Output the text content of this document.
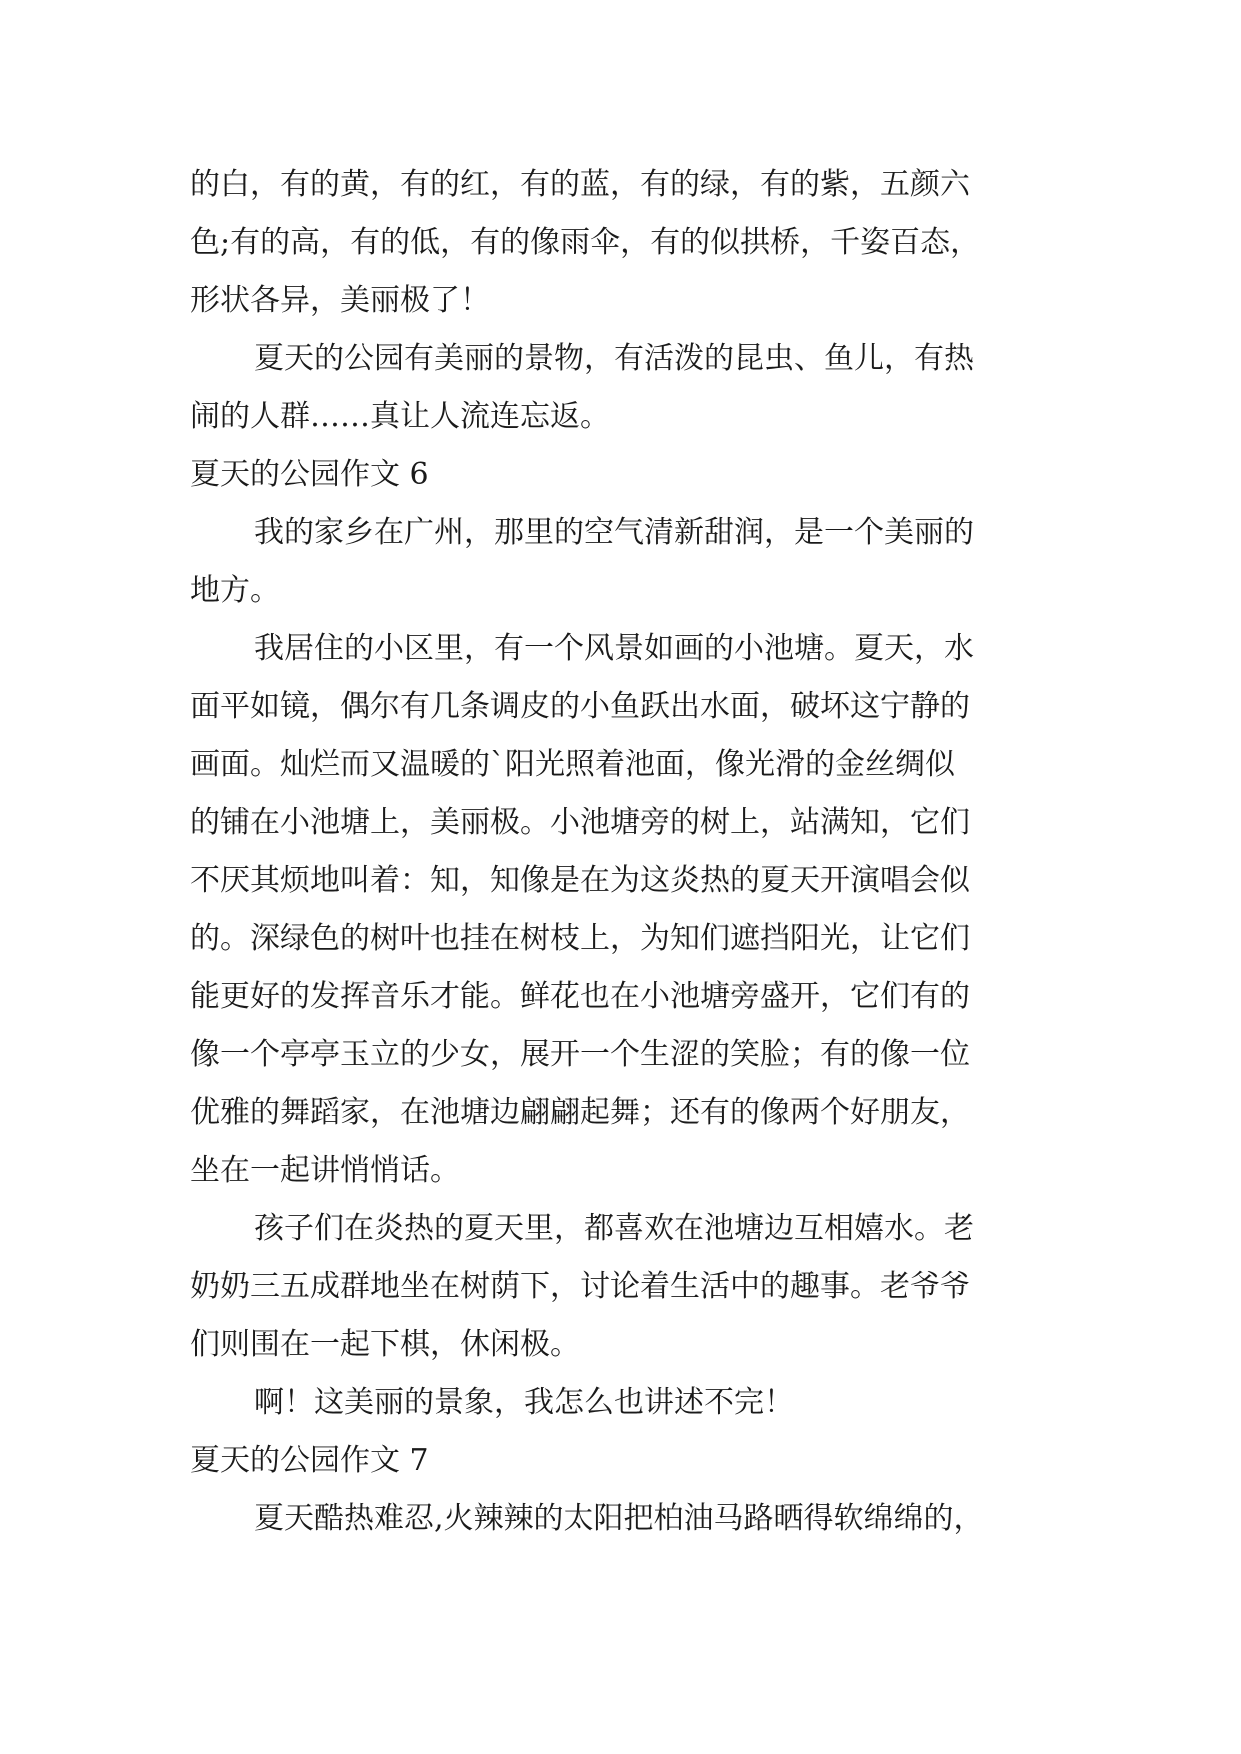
的白，有的黄，有的红，有的蓝，有的绿，有的紫，五颜六
色;有的高，有的低，有的像雨伞，有的似拱桥，千姿百态，
形状各异，美丽极了！
夏天的公园有美丽的景物，有活泼的昆虫、鱼儿，有热
闹的人群……真让人流连忘返。
夏天的公园作文 6
我的家乡在广州，那里的空气清新甜润，是一个美丽的
地方。
我居住的小区里，有一个风景如画的小池塘。夏天，水
面平如镜，偶尔有几条调皮的小鱼跃出水面，破坏这宁静的
画面。灿烂而又温暖的`阳光照着池面，像光滑的金丝绸似
的铺在小池塘上，美丽极。小池塘旁的树上，站满知，它们
不厌其烦地叫着：知，知像是在为这炎热的夏天开演唱会似
的。深绿色的树叶也挂在树枝上，为知们遮挡阳光，让它们
能更好的发挥音乐才能。鲜花也在小池塘旁盛开，它们有的
像一个亭亭玉立的少女，展开一个生涩的笑脸；有的像一位
优雅的舞蹈家，在池塘边翩翩起舞；还有的像两个好朋友，
坐在一起讲悄悄话。
孩子们在炎热的夏天里，都喜欢在池塘边互相嬉水。老
奶奶三五成群地坐在树荫下，讨论着生活中的趣事。老爷爷
们则围在一起下棋，休闲极。
啊！这美丽的景象，我怎么也讲述不完！
夏天的公园作文 7
夏天酷热难忍,火辣辣的太阳把柏油马路晒得软绵绵的，
